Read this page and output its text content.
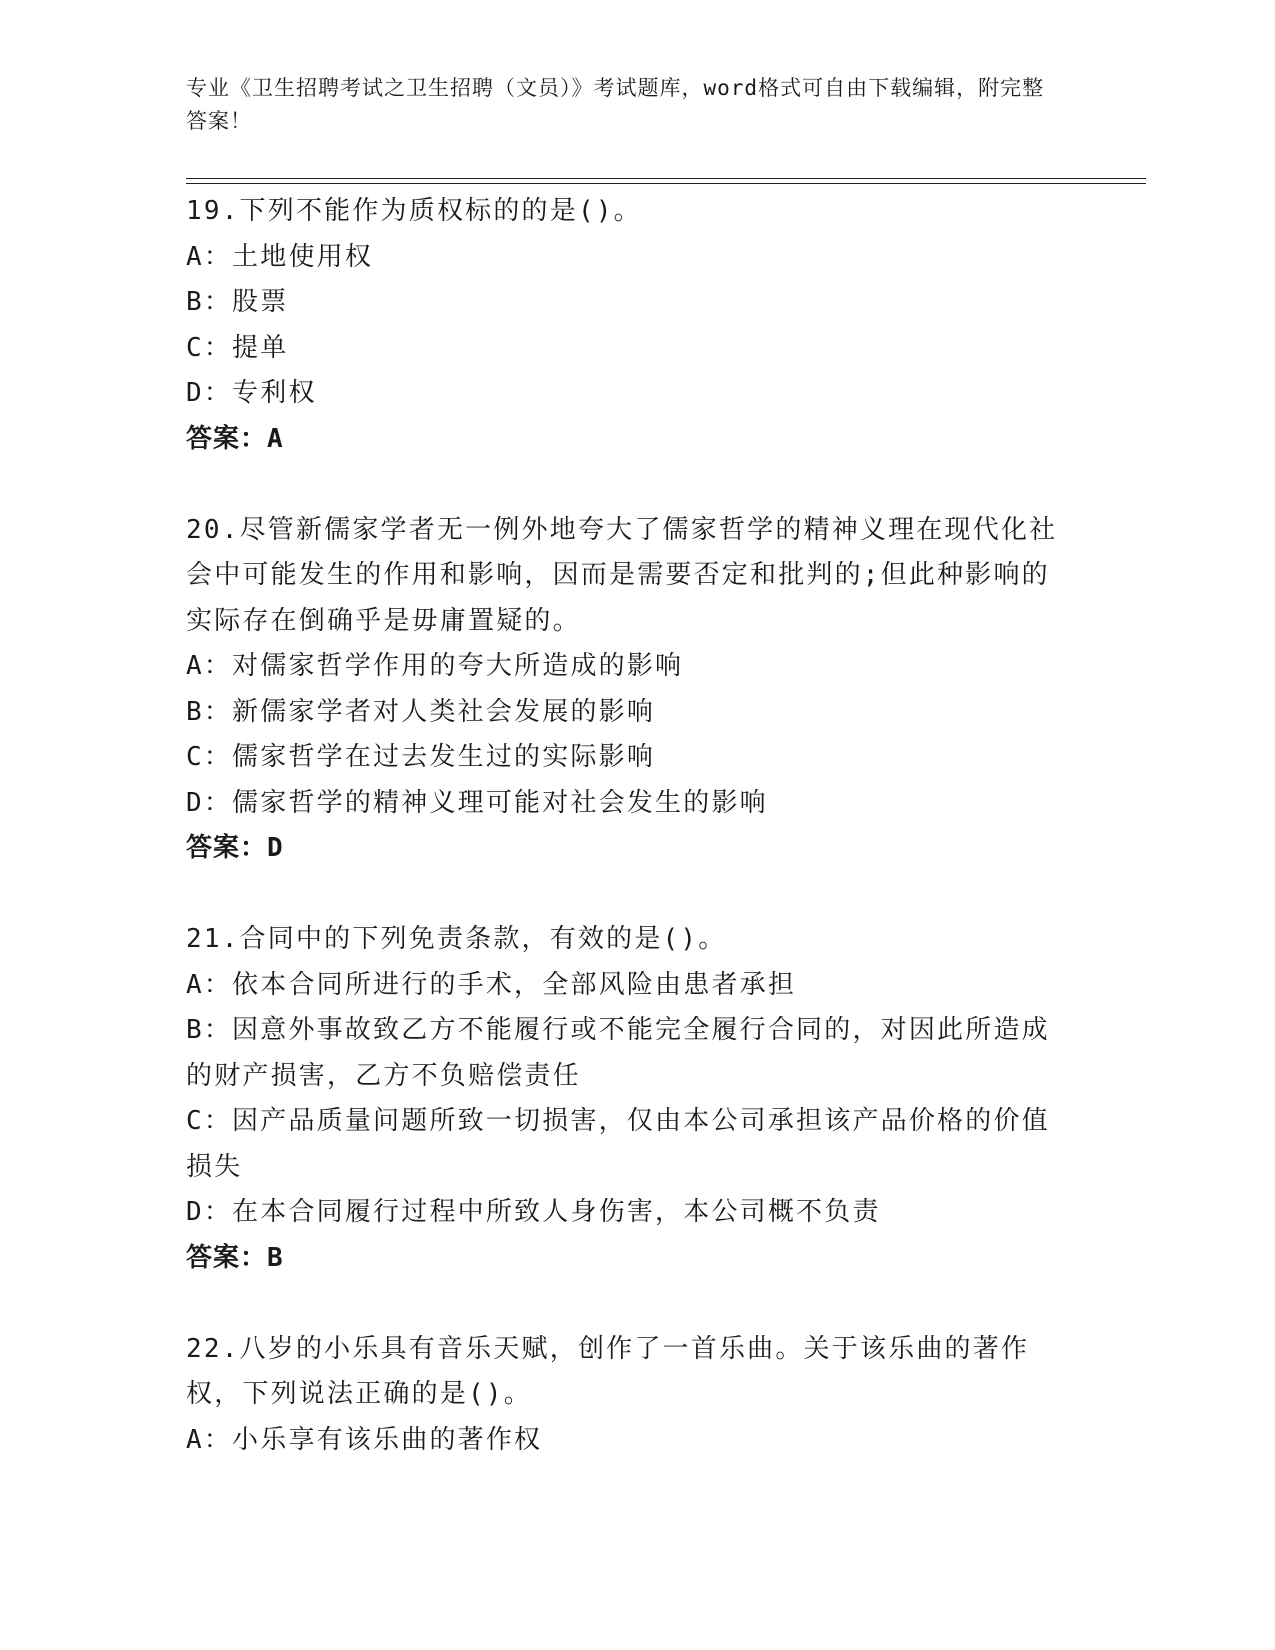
专业《卫生招聘考试之卫生招聘（文员）》考试题库，word格式可自由下载编辑，附完整答案！
19.下列不能作为质权标的的是()。
A：土地使用权
B：股票
C：提单
D：专利权
答案：A
20.尽管新儒家学者无一例外地夸大了儒家哲学的精神义理在现代化社会中可能发生的作用和影响，因而是需要否定和批判的;但此种影响的实际存在倒确乎是毋庸置疑的。
A：对儒家哲学作用的夸大所造成的影响
B：新儒家学者对人类社会发展的影响
C：儒家哲学在过去发生过的实际影响
D：儒家哲学的精神义理可能对社会发生的影响
答案：D
21.合同中的下列免责条款，有效的是()。
A：依本合同所进行的手术，全部风险由患者承担
B：因意外事故致乙方不能履行或不能完全履行合同的，对因此所造成的财产损害，乙方不负赔偿责任
C：因产品质量问题所致一切损害，仅由本公司承担该产品价格的价值损失
D：在本合同履行过程中所致人身伤害，本公司概不负责
答案：B
22.八岁的小乐具有音乐天赋，创作了一首乐曲。关于该乐曲的著作权，下列说法正确的是()。
A：小乐享有该乐曲的著作权
